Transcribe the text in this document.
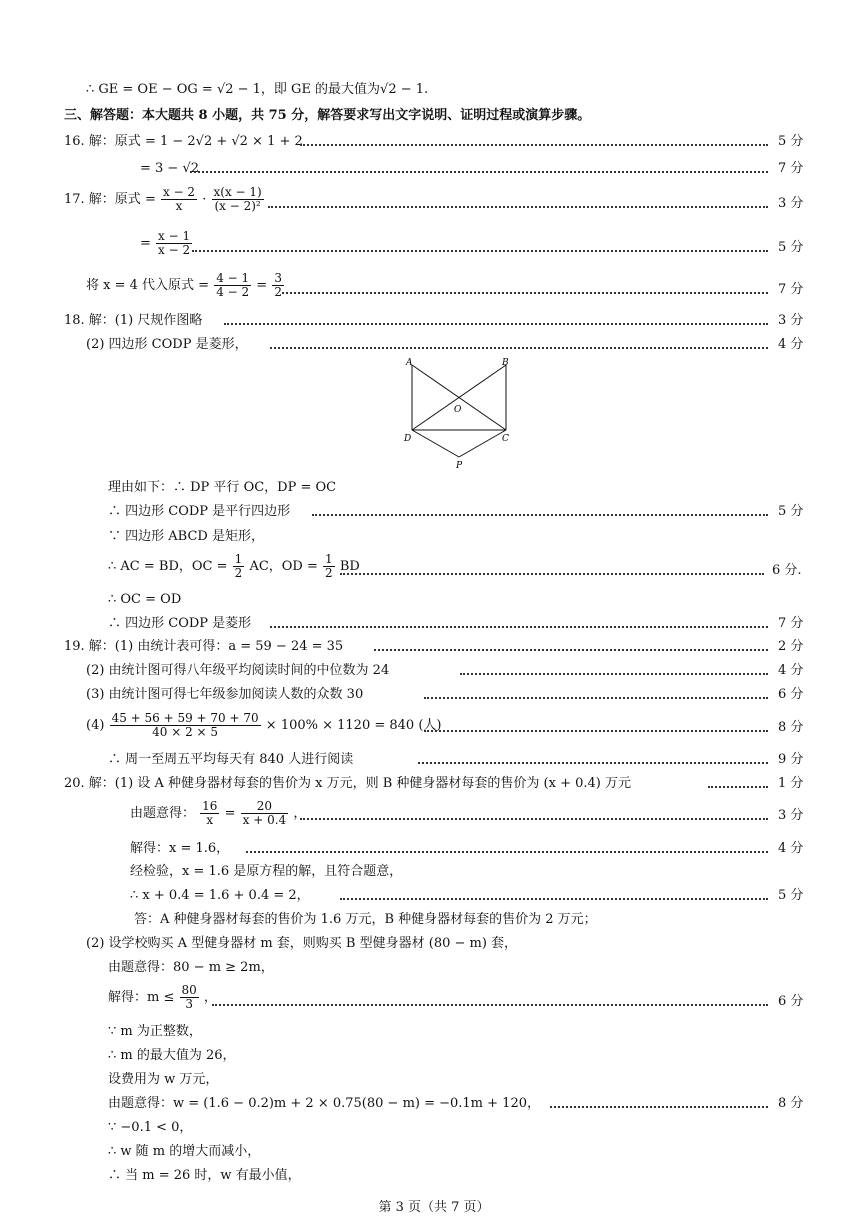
∴ GE = OE − OG = √2 − 1，即 GE 的最大值为√2 − 1.
三、解答题：本大题共 8 小题，共 75 分，解答要求写出文字说明、证明过程或演算步骤。
16. 解：原式 = 1 − 2√2 + √2 × 1 + 2	5 分
= 3 − √2	7 分
17. 解：原式 = $\frac{x - 2}{x} \cdot \frac{x(x - 1)}{\text{(x − 2)²}}$	3 分
= $\frac{x - 1}{x - 2}$	5 分
将 x = 4 代入原式 = $\frac{4 - 1}{4 - 2} = \frac{3}{2}$	7 分
18. 解：(1) 尺规作图略	3 分
(2) 四边形 CODP 是菱形，	4 分
A	B
O
D	C
P
理由如下：∴ DP 平行 OC，DP = OC
∴ 四边形 CODP 是平行四边形	5 分
∵ 四边形 ABCD 是矩形，
∴ AC = BD，OC = $\frac{1}{2}$ AC，OD = $\frac{1}{2}$ BD	6 分.
∴ OC = OD
∴ 四边形 CODP 是菱形	7 分
19. 解：(1) 由统计表可得：a = 59 − 24 = 35	2 分
(2) 由统计图可得八年级平均阅读时间的中位数为 24	4 分
(3) 由统计图可得七年级参加阅读人数的众数 30	6 分
$(4) \frac{45 + 56 + 59 + 70 + 70}{40 \times 2 \times 5} \times 100\% \times 1120 = 840$ (人)	8 分
∴ 周一至周五平均每天有 840 人进行阅读	9 分
20. 解：(1) 设 A 种健身器材每套的售价为 x 万元，则 B 种健身器材每套的售价为 (x + 0.4) 万元	1 分
由题意得： $\frac{16}{x} = \frac{20}{x + 0.4}$ ，	3 分
解得：x = 1.6，	4 分
经检验，x = 1.6 是原方程的解，且符合题意，
∴ x + 0.4 = 1.6 + 0.4 = 2，	5 分
答：A 种健身器材每套的售价为 1.6 万元，B 种健身器材每套的售价为 2 万元；
(2) 设学校购买 A 型健身器材 m 套，则购买 B 型健身器材 (80 − m) 套，
由题意得：80 − m ≥ 2m，
解得：$m \le \frac{80}{3}$ ，	6 分
∵ m 为正整数，
∴ m 的最大值为 26，
设费用为 w 万元，
由题意得：w = (1.6 − 0.2)m + 2 × 0.75(80 − m) = −0.1m + 120，	8 分
∵ −0.1 < 0，
∴ w 随 m 的增大而减小，
∴ 当 m = 26 时，w 有最小值，
第 3 页（共 7 页）
